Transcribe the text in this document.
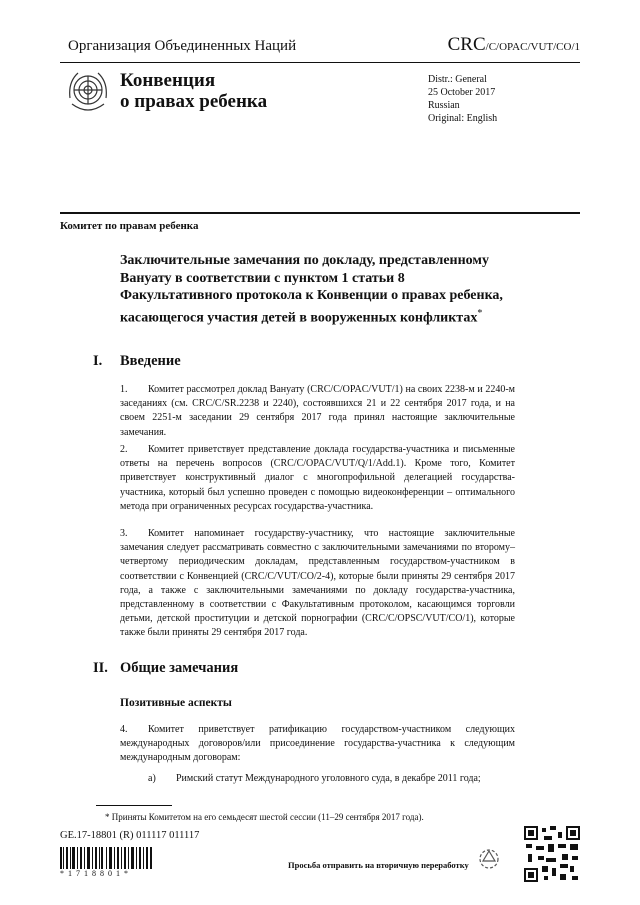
Организация Объединенных Наций	CRC/C/OPAC/VUT/CO/1
Конвенция
о правах ребенка
Distr.: General
25 October 2017
Russian
Original: English
Комитет по правам ребенка
Заключительные замечания по докладу, представленному Вануату в соответствии с пунктом 1 статьи 8 Факультативного протокола к Конвенции о правах ребенка, касающегося участия детей в вооруженных конфликтах*
I. Введение
1. Комитет рассмотрел доклад Вануату (CRC/C/OPAC/VUT/1) на своих 2238-м и 2240-м заседаниях (см. CRC/C/SR.2238 и 2240), состоявшихся 21 и 22 сентября 2017 года, и на своем 2251-м заседании 29 сентября 2017 года принял настоящие заключительные замечания.
2. Комитет приветствует представление доклада государства-участника и письменные ответы на перечень вопросов (CRC/C/OPAC/VUT/Q/1/Add.1). Кроме того, Комитет приветствует конструктивный диалог с многопрофильной делегацией государства-участника, который был успешно проведен с помощью видеоконференции – оптимального метода при ограниченных ресурсах государства-участника.
3. Комитет напоминает государству-участнику, что настоящие заключительные замечания следует рассматривать совместно с заключительными замечаниями по второму–четвертому периодическим докладам, представленным государством-участником в соответствии с Конвенцией (CRC/C/VUT/CO/2-4), которые были приняты 29 сентября 2017 года, а также с заключительными замечаниями по докладу государства-участника, представленному в соответствии с Факультативным протоколом, касающимся торговли детьми, детской проституции и детской порнографии (CRC/C/OPSC/VUT/CO/1), которые также были приняты 29 сентября 2017 года.
II. Общие замечания
Позитивные аспекты
4. Комитет приветствует ратификацию государством-участником следующих международных договоров/или присоединение государства-участника к следующим международным договорам:
a) Римский статут Международного уголовного суда, в декабре 2011 года;
* Приняты Комитетом на его семьдесят шестой сессии (11–29 сентября 2017 года).
GE.17-18801 (R) 011117 011117
*1718801*
Просьба отправить на вторичную переработку
